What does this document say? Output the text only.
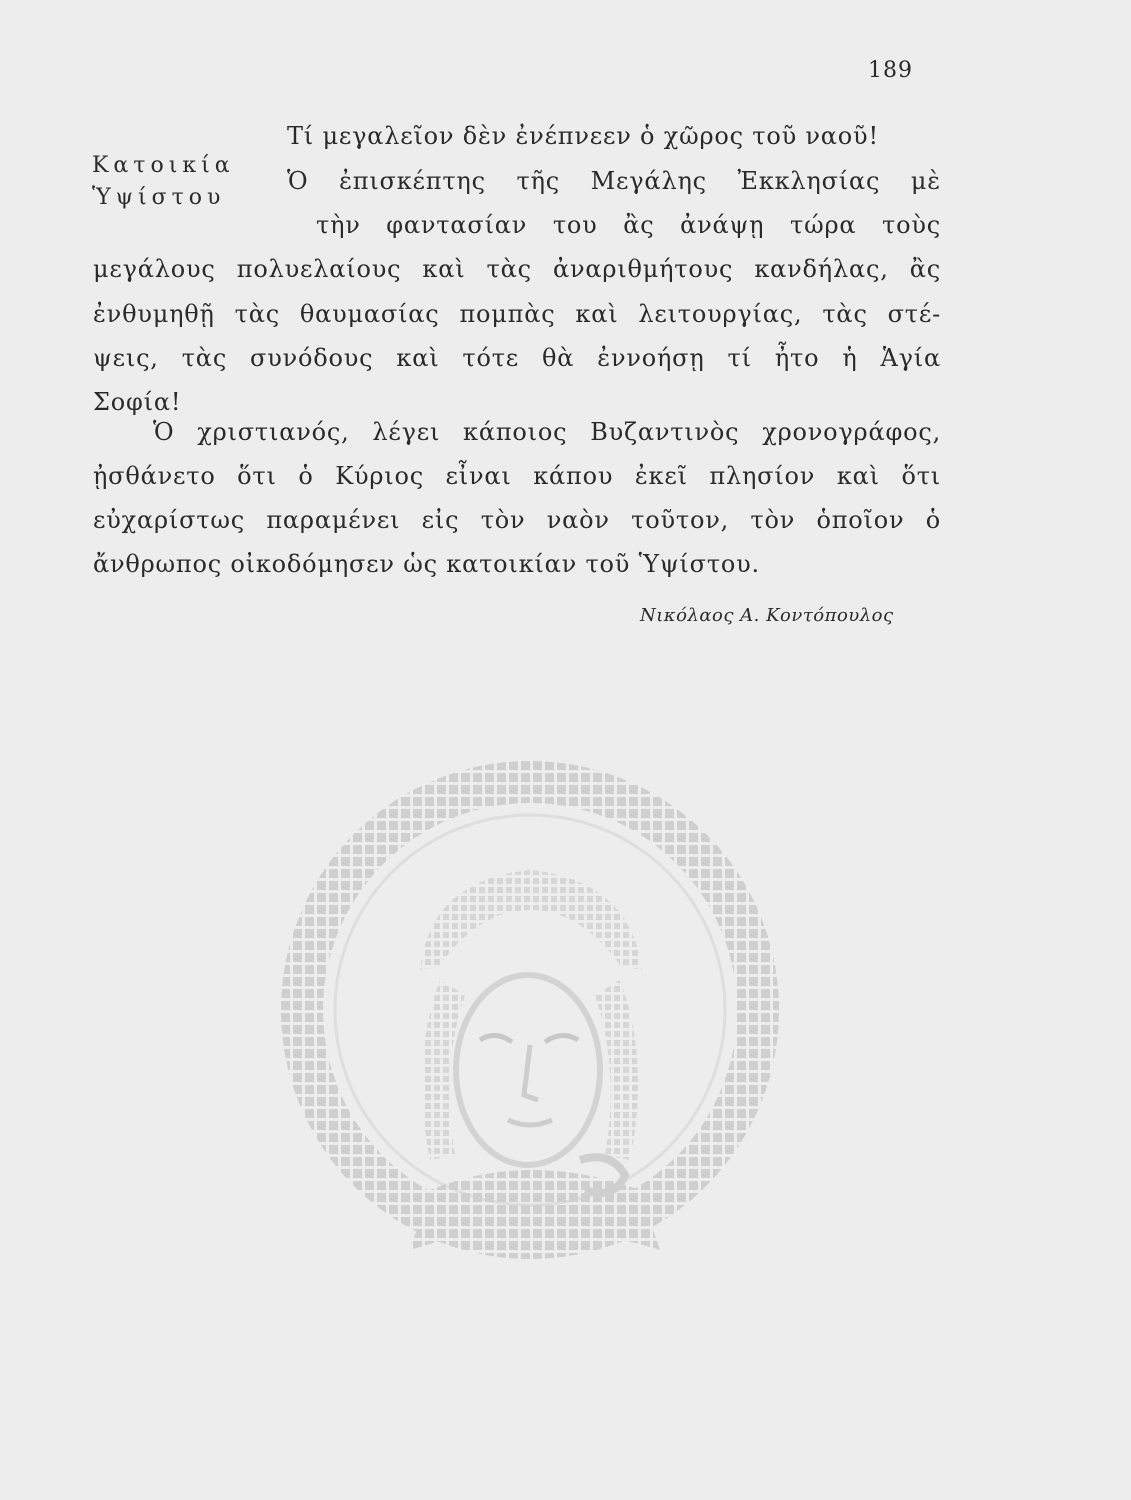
189
Κατοικία
Ὑψίστου
Τί μεγαλεῖον δὲν ἐνέπνεεν ὁ χῶρος τοῦ ναοῦ!
Ὁ ἐπισκέπτης τῆς Μεγάλης Ἐκκλησίας μὲ
τὴν φαντασίαν του ἂς ἀνάψῃ τώρα τοὺς
μεγάλους πολυελαίους καὶ τὰς ἀναριθμήτους κανδήλας, ἂς
ἐνθυμηθῇ τὰς θαυμασίας πομπὰς καὶ λειτουργίας, τὰς στέ-
ψεις, τὰς συνόδους καὶ τότε θὰ ἐννοήσῃ τί ἦτο ἡ Ἁγία
Σοφία!
Ὁ χριστιανός, λέγει κάποιος Βυζαντινὸς χρονογράφος,
ᾐσθάνετο ὅτι ὁ Κύριος εἶναι κάπου ἐκεῖ πλησίον καὶ ὅτι
εὐχαρίστως παραμένει εἰς τὸν ναὸν τοῦτον, τὸν ὁποῖον ὁ
ἄνθρωπος οἰκοδόμησεν ὡς κατοικίαν τοῦ Ὑψίστου.
Νικόλαος Α. Κοντόπουλος
